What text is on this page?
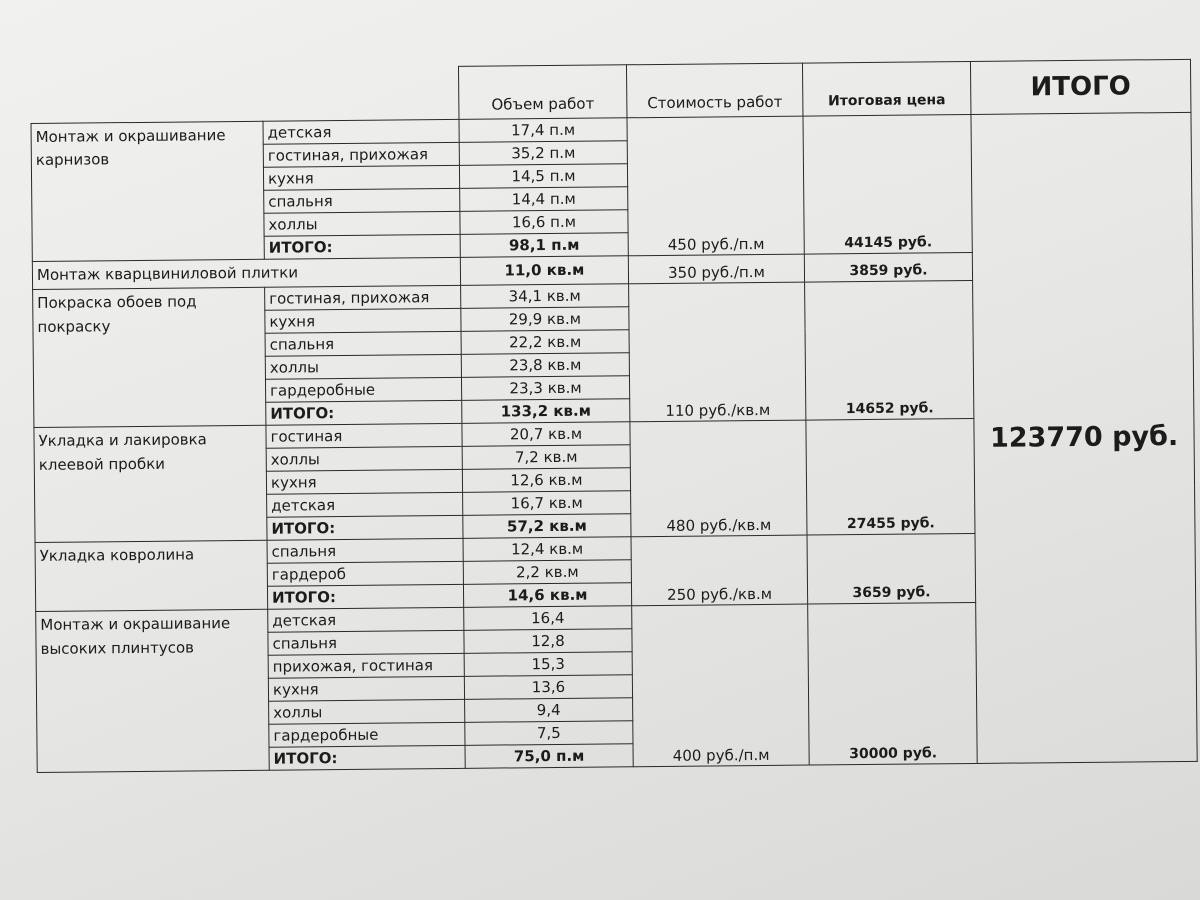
		Объем работ	Стоимость работ	Итоговая цена	ИТОГО
Монтаж и окрашивание карнизов	детская	17,4 п.м	450 руб./п.м	44145 руб.	123770 руб.
	гостиная, прихожая	35,2 п.м			
	кухня	14,5 п.м			
	спальня	14,4 п.м			
	холлы	16,6 п.м			
	ИТОГО:	98,1 п.м			
Монтаж кварцвиниловой плитки		11,0 кв.м	350 руб./п.м	3859 руб.	
Покраска обоев под покраску	гостиная, прихожая	34,1 кв.м	110 руб./кв.м	14652 руб.	
	кухня	29,9 кв.м			
	спальня	22,2 кв.м			
	холлы	23,8 кв.м			
	гардеробные	23,3 кв.м			
	ИТОГО:	133,2 кв.м			
Укладка и лакировка клеевой пробки	гостиная	20,7 кв.м	480 руб./кв.м	27455 руб.	
	холлы	7,2 кв.м			
	кухня	12,6 кв.м			
	детская	16,7 кв.м			
	ИТОГО:	57,2 кв.м			
Укладка ковролина	спальня	12,4 кв.м	250 руб./кв.м	3659 руб.	
	гардероб	2,2 кв.м			
	ИТОГО:	14,6 кв.м			
Монтаж и окрашивание высоких плинтусов	детская	16,4	400 руб./п.м	30000 руб.	
	спальня	12,8			
	прихожая, гостиная	15,3			
	кухня	13,6			
	холлы	9,4			
	гардеробные	7,5			
	ИТОГО:	75,0 п.м			
